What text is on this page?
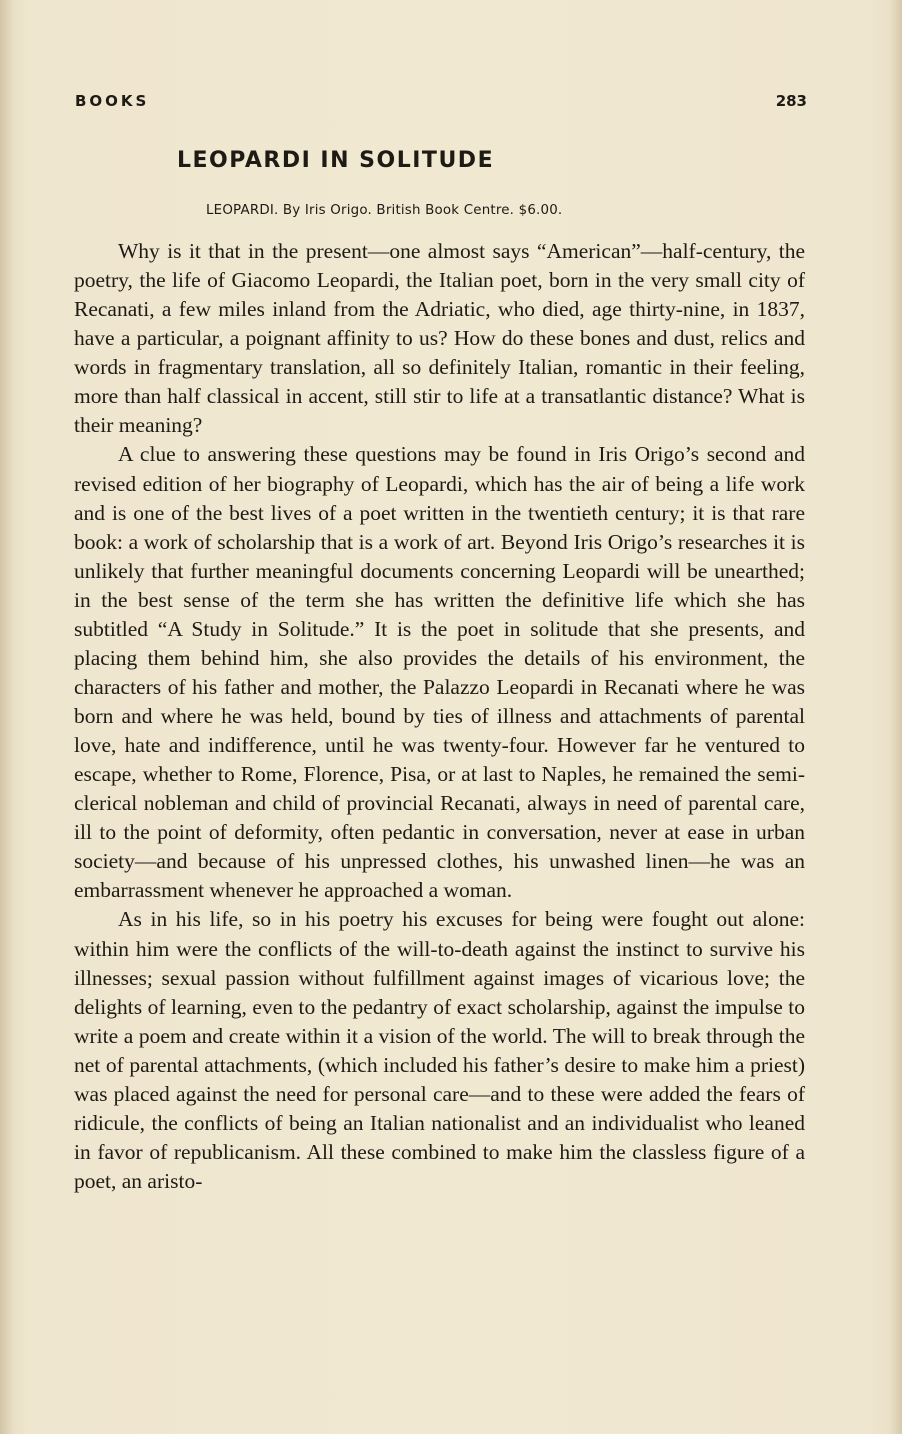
BOOKS	283
LEOPARDI IN SOLITUDE
LEOPARDI. By Iris Origo. British Book Centre. $6.00.

Why is it that in the present—one almost says “American”—half-century, the poetry, the life of Giacomo Leopardi, the Italian poet, born in the very small city of Recanati, a few miles inland from the Adriatic, who died, age thirty-nine, in 1837, have a particular, a poignant affinity to us? How do these bones and dust, relics and words in fragmentary translation, all so definitely Italian, romantic in their feeling, more than half classical in accent, still stir to life at a transatlantic distance? What is their meaning?

A clue to answering these questions may be found in Iris Origo’s second and revised edition of her biography of Leopardi, which has the air of being a life work and is one of the best lives of a poet written in the twentieth century; it is that rare book: a work of scholarship that is a work of art. Beyond Iris Origo’s researches it is unlikely that further meaningful documents concerning Leopardi will be unearthed; in the best sense of the term she has written the definitive life which she has subtitled “A Study in Solitude.” It is the poet in solitude that she presents, and placing them behind him, she also provides the details of his environment, the characters of his father and mother, the Palazzo Leopardi in Recanati where he was born and where he was held, bound by ties of illness and attachments of parental love, hate and indifference, until he was twenty-four. However far he ventured to escape, whether to Rome, Florence, Pisa, or at last to Naples, he remained the semi-clerical nobleman and child of provincial Recanati, always in need of parental care, ill to the point of deformity, often pedantic in conversation, never at ease in urban society—and because of his unpressed clothes, his unwashed linen—he was an embarrassment whenever he approached a woman.

As in his life, so in his poetry his excuses for being were fought out alone: within him were the conflicts of the will-to-death against the instinct to survive his illnesses; sexual passion without fulfillment against images of vicarious love; the delights of learning, even to the pedantry of exact scholarship, against the impulse to write a poem and create within it a vision of the world. The will to break through the net of parental attachments, (which included his father’s desire to make him a priest) was placed against the need for personal care—and to these were added the fears of ridicule, the conflicts of being an Italian nationalist and an individualist who leaned in favor of republicanism. All these combined to make him the classless figure of a poet, an aristo-
